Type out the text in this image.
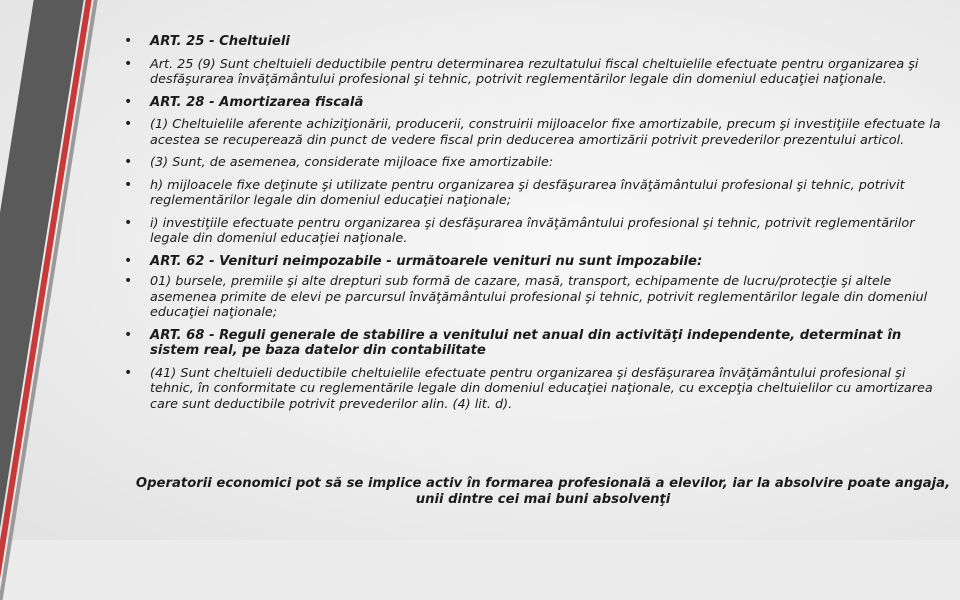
• ART. 25 - Cheltuieli
• Art. 25 (9) Sunt cheltuieli deductibile pentru determinarea rezultatului fiscal cheltuielile efectuate pentru organizarea şi desfăşurarea învăţământului profesional şi tehnic, potrivit reglementărilor legale din domeniul educaţiei naţionale.
• ART. 28 - Amortizarea fiscală
• (1) Cheltuielile aferente achiziţionării, producerii, construirii mijloacelor fixe amortizabile, precum şi investiţiile efectuate la acestea se recuperează din punct de vedere fiscal prin deducerea amortizării potrivit prevederilor prezentului articol.
• (3) Sunt, de asemenea, considerate mijloace fixe amortizabile:
• h) mijloacele fixe deţinute şi utilizate pentru organizarea şi desfăşurarea învăţământului profesional şi tehnic, potrivit reglementărilor legale din domeniul educaţiei naţionale;
• i) investiţiile efectuate pentru organizarea şi desfăşurarea învăţământului profesional şi tehnic, potrivit reglementărilor legale din domeniul educaţiei naţionale.
• ART. 62 - Venituri neimpozabile - următoarele venituri nu sunt impozabile:
• 01) bursele, premiile şi alte drepturi sub formă de cazare, masă, transport, echipamente de lucru/protecţie şi altele asemenea primite de elevi pe parcursul învăţământului profesional şi tehnic, potrivit reglementărilor legale din domeniul educaţiei naţionale;
• ART. 68 - Reguli generale de stabilire a venitului net anual din activităţi independente, determinat în sistem real, pe baza datelor din contabilitate
• (41) Sunt cheltuieli deductibile cheltuielile efectuate pentru organizarea şi desfăşurarea învăţământului profesional şi tehnic, în conformitate cu reglementările legale din domeniul educaţiei naţionale, cu excepţia cheltuielilor cu amortizarea care sunt deductibile potrivit prevederilor alin. (4) lit. d).
Operatorii economici pot să se implice activ în formarea profesională a elevilor, iar la absolvire poate angaja, unii dintre cei mai buni absolvenţi
